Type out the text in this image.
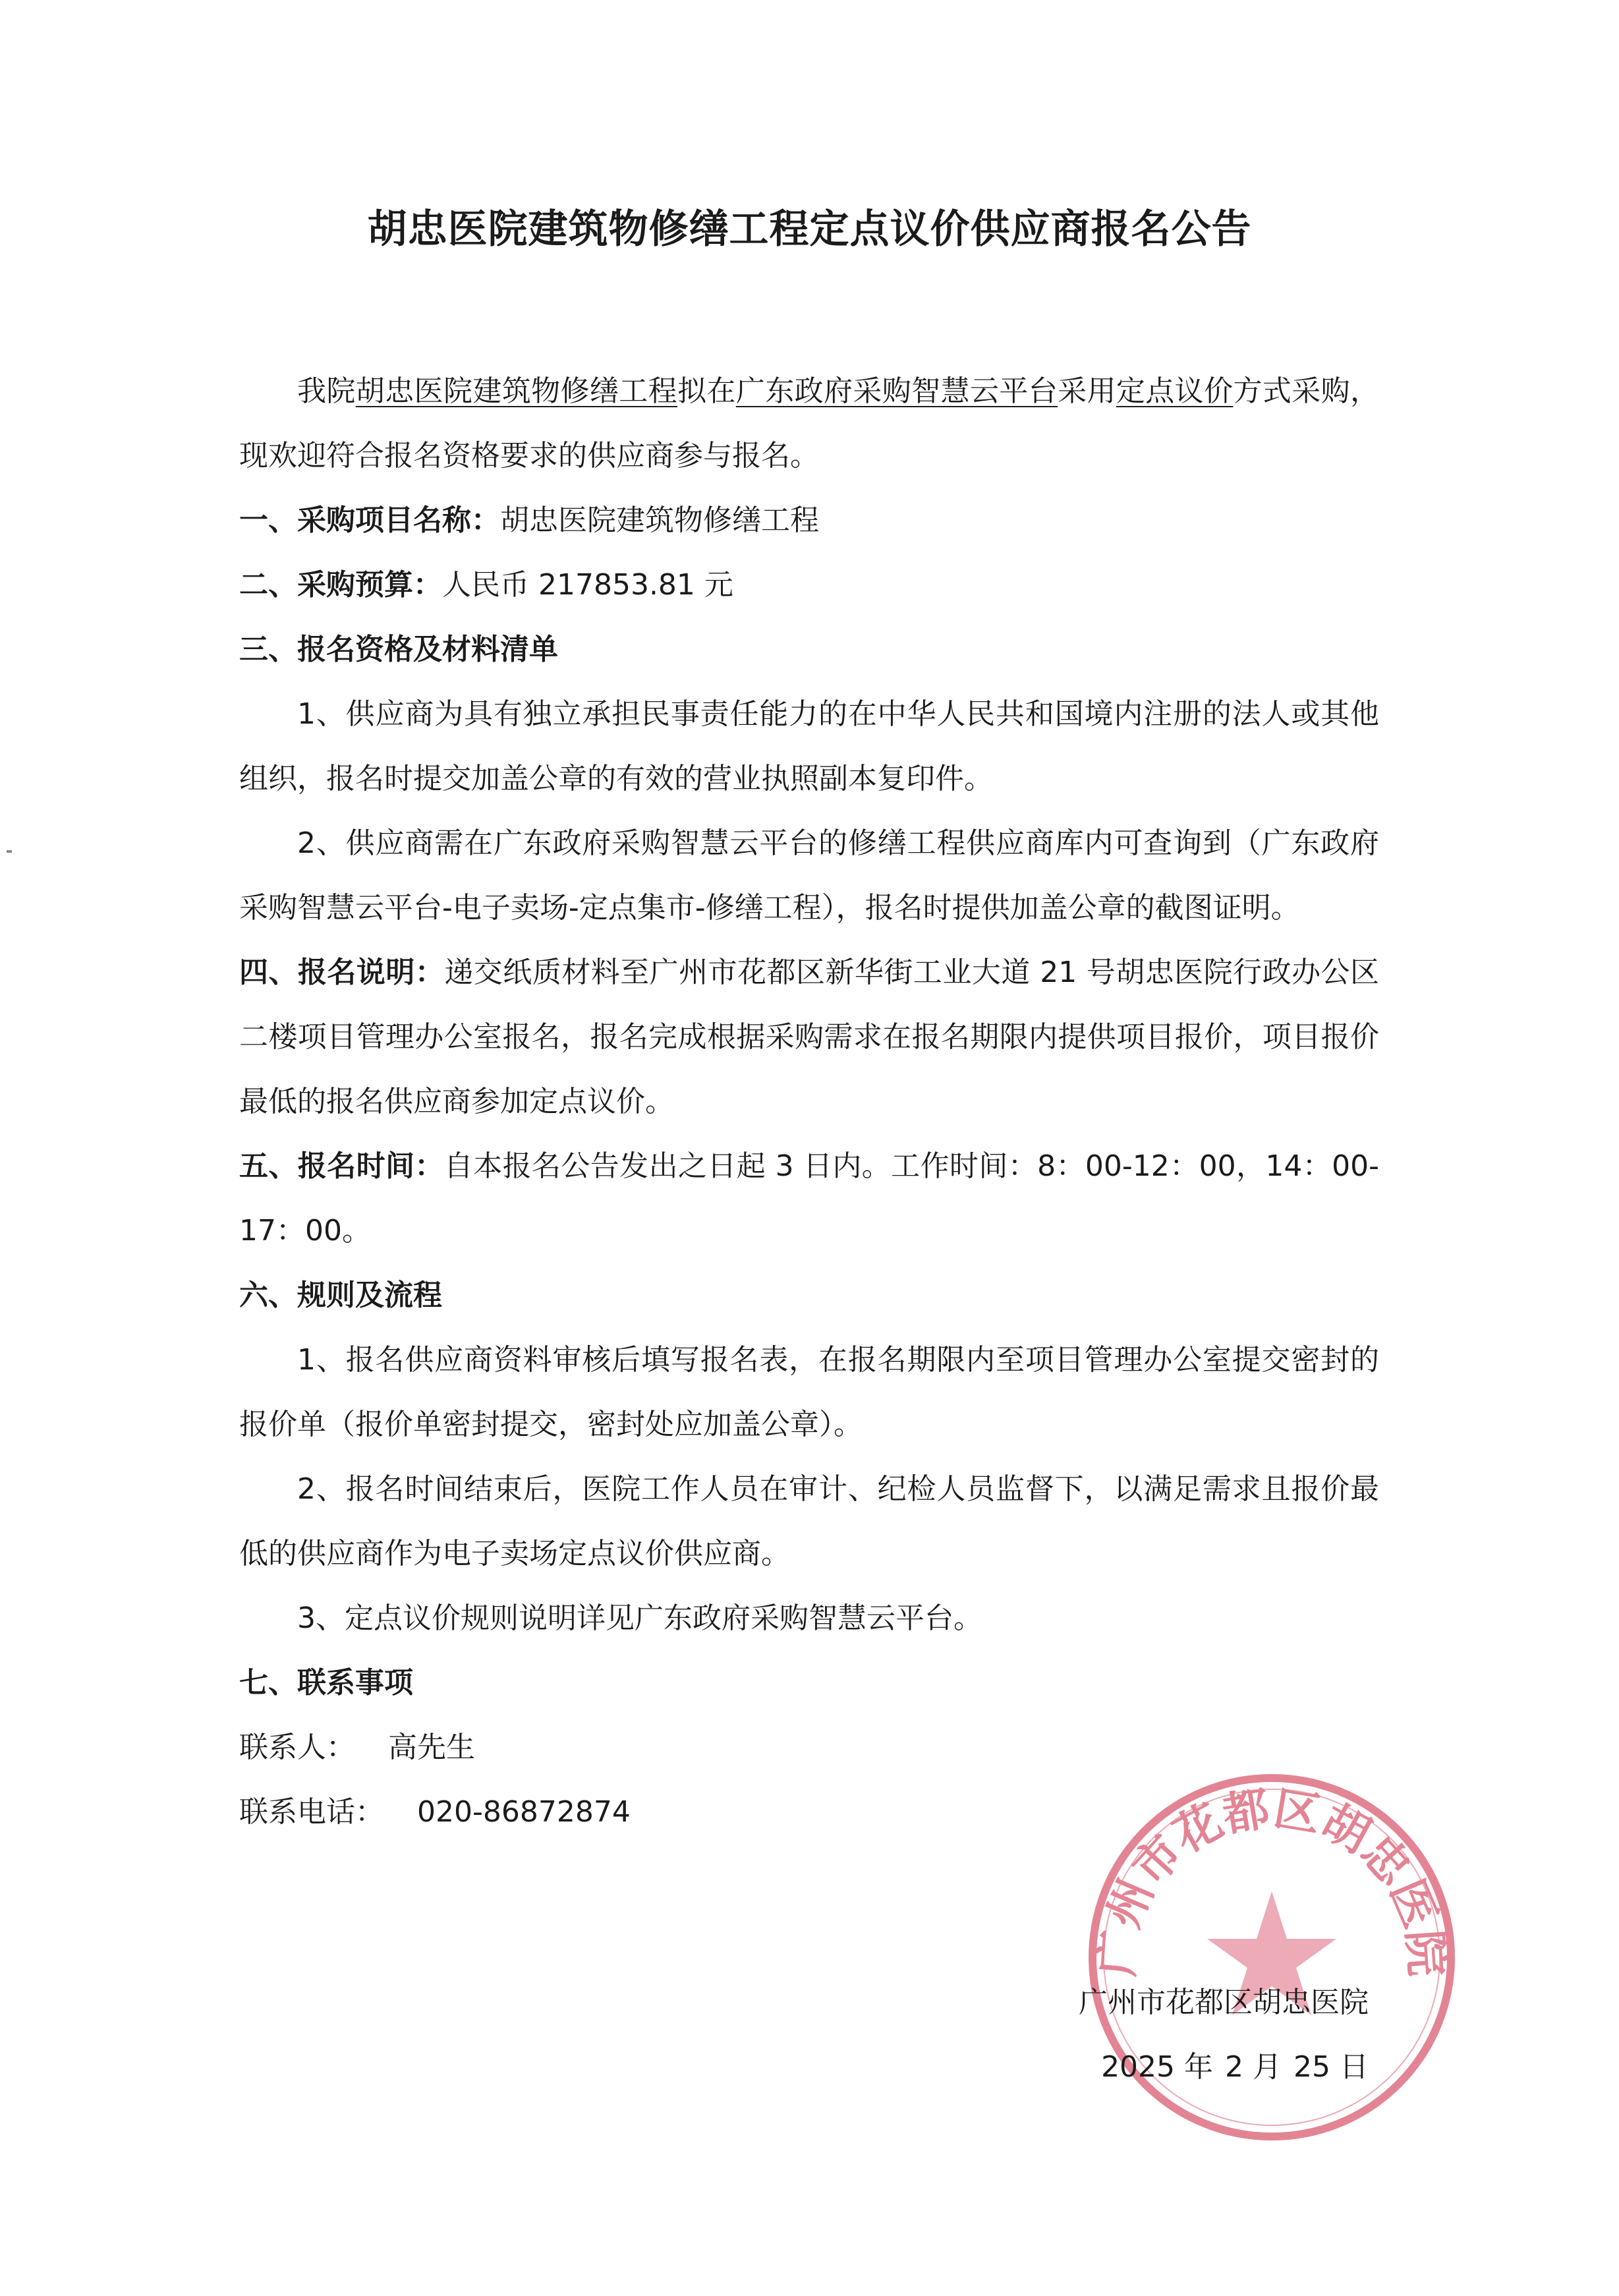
胡忠医院建筑物修缮工程定点议价供应商报名公告

我院胡忠医院建筑物修缮工程拟在广东政府采购智慧云平台采用定点议价方式采购，现欢迎符合报名资格要求的供应商参与报名。

一、采购项目名称：胡忠医院建筑物修缮工程

二、采购预算：人民币 217853.81 元

三、报名资格及材料清单

1、供应商为具有独立承担民事责任能力的在中华人民共和国境内注册的法人或其他组织，报名时提交加盖公章的有效的营业执照副本复印件。

2、供应商需在广东政府采购智慧云平台的修缮工程供应商库内可查询到（广东政府采购智慧云平台-电子卖场-定点集市-修缮工程），报名时提供加盖公章的截图证明。

四、报名说明：递交纸质材料至广州市花都区新华街工业大道 21 号胡忠医院行政办公区二楼项目管理办公室报名，报名完成根据采购需求在报名期限内提供项目报价，项目报价最低的报名供应商参加定点议价。

五、报名时间：自本报名公告发出之日起 3 日内。工作时间：8：00-12：00，14：00-17：00。

六、规则及流程

1、报名供应商资料审核后填写报名表，在报名期限内至项目管理办公室提交密封的报价单（报价单密封提交，密封处应加盖公章）。

2、报名时间结束后，医院工作人员在审计、纪检人员监督下，以满足需求且报价最低的供应商作为电子卖场定点议价供应商。

3、定点议价规则说明详见广东政府采购智慧云平台。

七、联系事项

联系人： 高先生

联系电话： 020-86872874

广州市花都区胡忠医院
广州市花都区胡忠医院
2025 年 2 月 25 日
